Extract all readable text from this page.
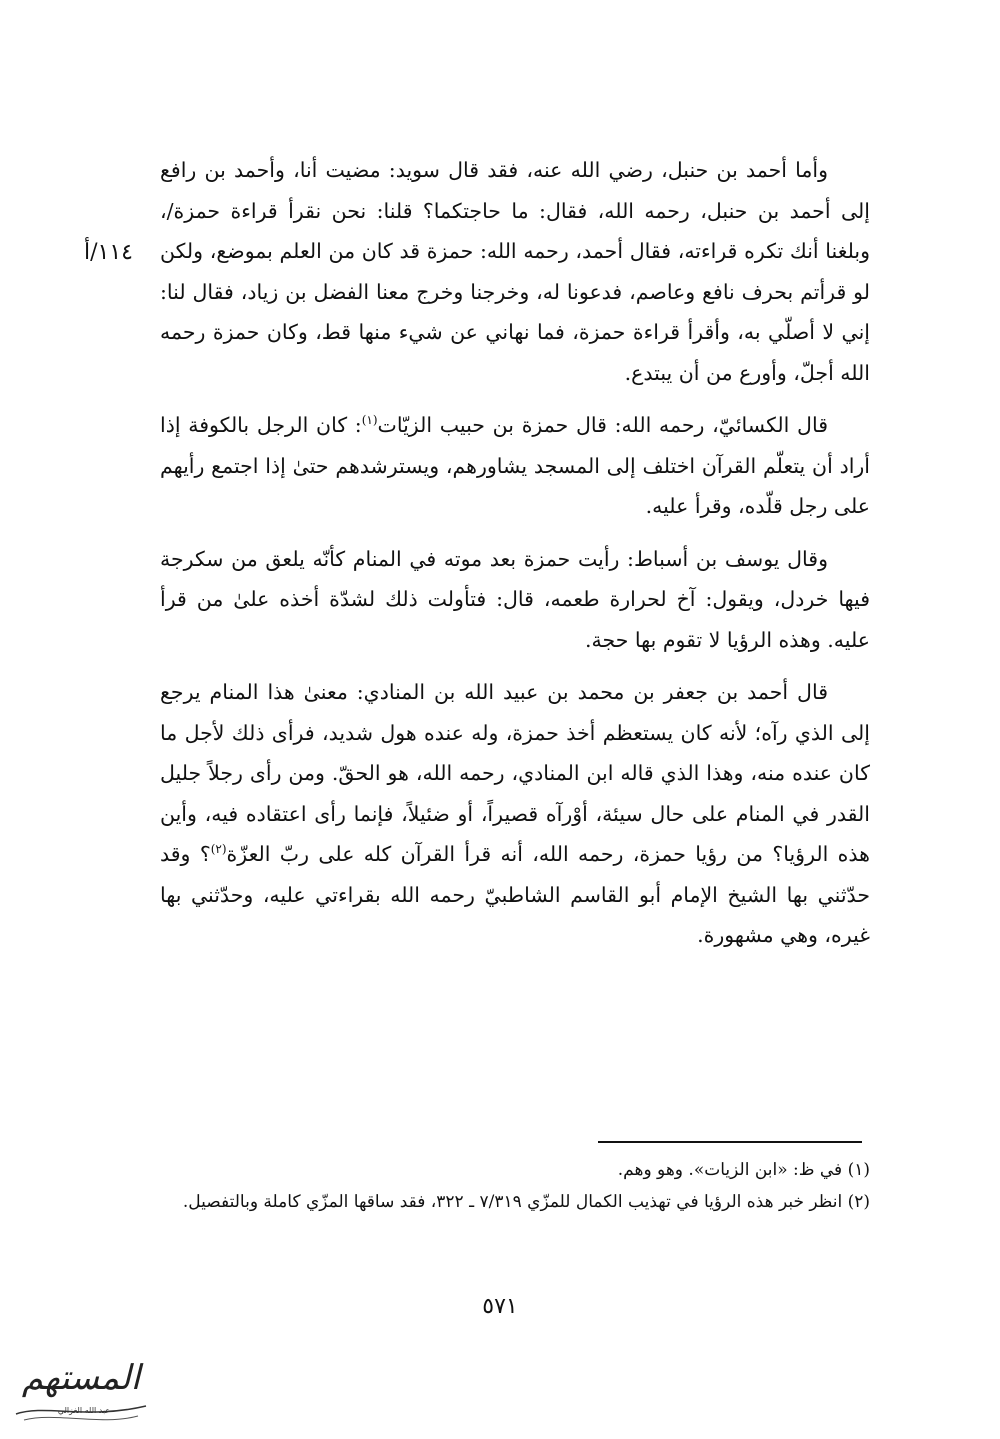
١١٤/أ

وأما أحمد بن حنبل، رضي الله عنه، فقد قال سويد: مضيت أنا، وأحمد بن رافع إلى أحمد بن حنبل، رحمه الله، فقال: ما حاجتكما؟ قلنا: نحن نقرأ قراءة حمزة/، وبلغنا أنك تكره قراءته، فقال أحمد، رحمه الله: حمزة قد كان من العلم بموضع، ولكن لو قرأتم بحرف نافع وعاصم، فدعونا له، وخرجنا وخرج معنا الفضل بن زياد، فقال لنا: إني لا أصلّي به، وأقرأ قراءة حمزة، فما نهاني عن شيء منها قط، وكان حمزة رحمه الله أجلّ، وأورع من أن يبتدع.

قال الكسائيّ، رحمه الله: قال حمزة بن حبيب الزيّات$^{(١)}$: كان الرجل بالكوفة إذا أراد أن يتعلّم القرآن اختلف إلى المسجد يشاورهم، ويسترشدهم حتىٰ إذا اجتمع رأيهم على رجل قلّده، وقرأ عليه.

وقال يوسف بن أسباط: رأيت حمزة بعد موته في المنام كأنّه يلعق من سكرجة فيها خردل، ويقول: آخ لحرارة طعمه، قال: فتأولت ذلك لشدّة أخذه علىٰ من قرأ عليه. وهذه الرؤيا لا تقوم بها حجة.

قال أحمد بن جعفر بن محمد بن عبيد الله بن المنادي: معنىٰ هذا المنام يرجع إلى الذي رآه؛ لأنه كان يستعظم أخذ حمزة، وله عنده هول شديد، فرأى ذلك لأجل ما كان عنده منه، وهذا الذي قاله ابن المنادي، رحمه الله، هو الحقّ. ومن رأى رجلاً جليل القدر في المنام على حال سيئة، أوْرآه قصيراً، أو ضئيلاً، فإنما رأى اعتقاده فيه، وأين هذه الرؤيا؟ من رؤيا حمزة، رحمه الله، أنه قرأ القرآن كله على ربّ العزّة$^{(٢)}$؟ وقد حدّثني بها الشيخ الإمام أبو القاسم الشاطبيّ رحمه الله بقراءتي عليه، وحدّثني بها غيره، وهي مشهورة.

(١) في ظ: «ابن الزيات». وهو وهم.

(٢) انظر خبر هذه الرؤيا في تهذيب الكمال للمزّي ٧/٣١٩ ـ ٣٢٢، فقد ساقها المزّي كاملة وبالتفصيل.

٥٧١
المستهم
عبد الله الغزالي
